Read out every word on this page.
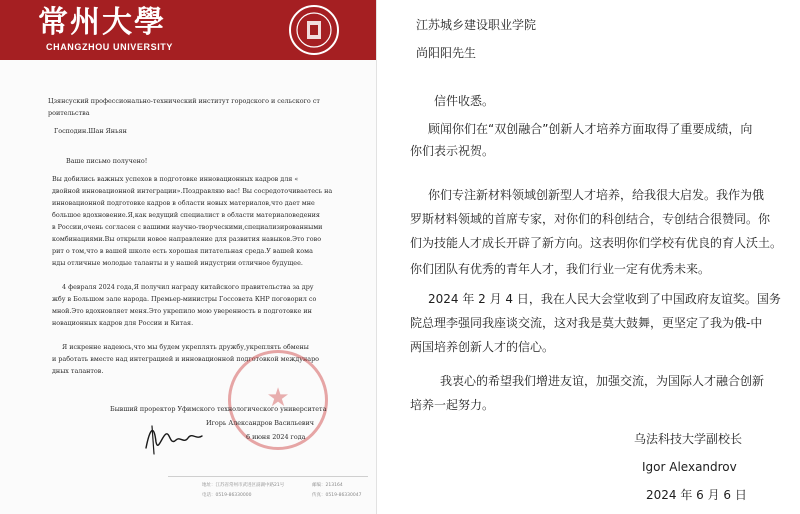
常州大學
CHANGZHOU UNIVERSITY
Цзянсуский профессионально-технический институт городского и сельского ст
роительства
Господин.Шан Яньян
Ваше письмо получено!
Вы добились важных успехов в подготовке инновационных кадров для «
двойной инновационной интеграции».Поздравляю вас! Вы сосредоточиваетесь на
инновационной подготовке кадров в области новых материалов,что дает мне
большое вдохновение.Я,как ведущий специалист в области материаловедения
в России,очень согласен с вашими научно-творческими,специализированными
комбинациями.Вы открыли новое направление для развития навыков.Это гово
рит о том,что в вашей школе есть хорошая питательная среда.У вашей кома
нды отличные молодые таланты и у нашей индустрии отличное будущее.
4 февраля 2024 года,Я получил награду китайского правительства за дру
жбу в Большом зале народа. Премьер-министры Госсовета КНР поговорил со
мной.Это вдохновляет меня.Это укрепило мою уверенность в подготовке ин
новационных кадров для России и Китая.
Я искренне надеюсь,что мы будем укреплять дружбу,укреплять обмены
и работать вместе над интеграцией и инновационной подготовкой междунаро
дных талантов.
★
Бывший проректор Уфимского технологического университета
Игорь Александров Васильевич
6 июня 2024 года
地址：江苏省常州市武进区滆湖中路21号
电话：0519-86330000
邮编：213164
传真：0519-86330047
江苏城乡建设职业学院
尚阳阳先生
信件收悉。
顾闻你们在“双创融合”创新人才培养方面取得了重要成绩，向
你们表示祝贺。
你们专注新材料领域创新型人才培养，给我很大启发。我作为俄
罗斯材料领域的首席专家，对你们的科创结合，专创结合很赞同。你
们为技能人才成长开辟了新方向。这表明你们学校有优良的育人沃土。
你们团队有优秀的青年人才，我们行业一定有优秀未来。
2024 年 2 月 4 日，我在人民大会堂收到了中国政府友谊奖。国务
院总理李强同我座谈交流，这对我是莫大鼓舞，更坚定了我为俄-中
两国培养创新人才的信心。
我衷心的希望我们增进友谊，加强交流，为国际人才融合创新
培养一起努力。
乌法科技大学副校长
Igor Alexandrov
2024 年 6 月 6 日
